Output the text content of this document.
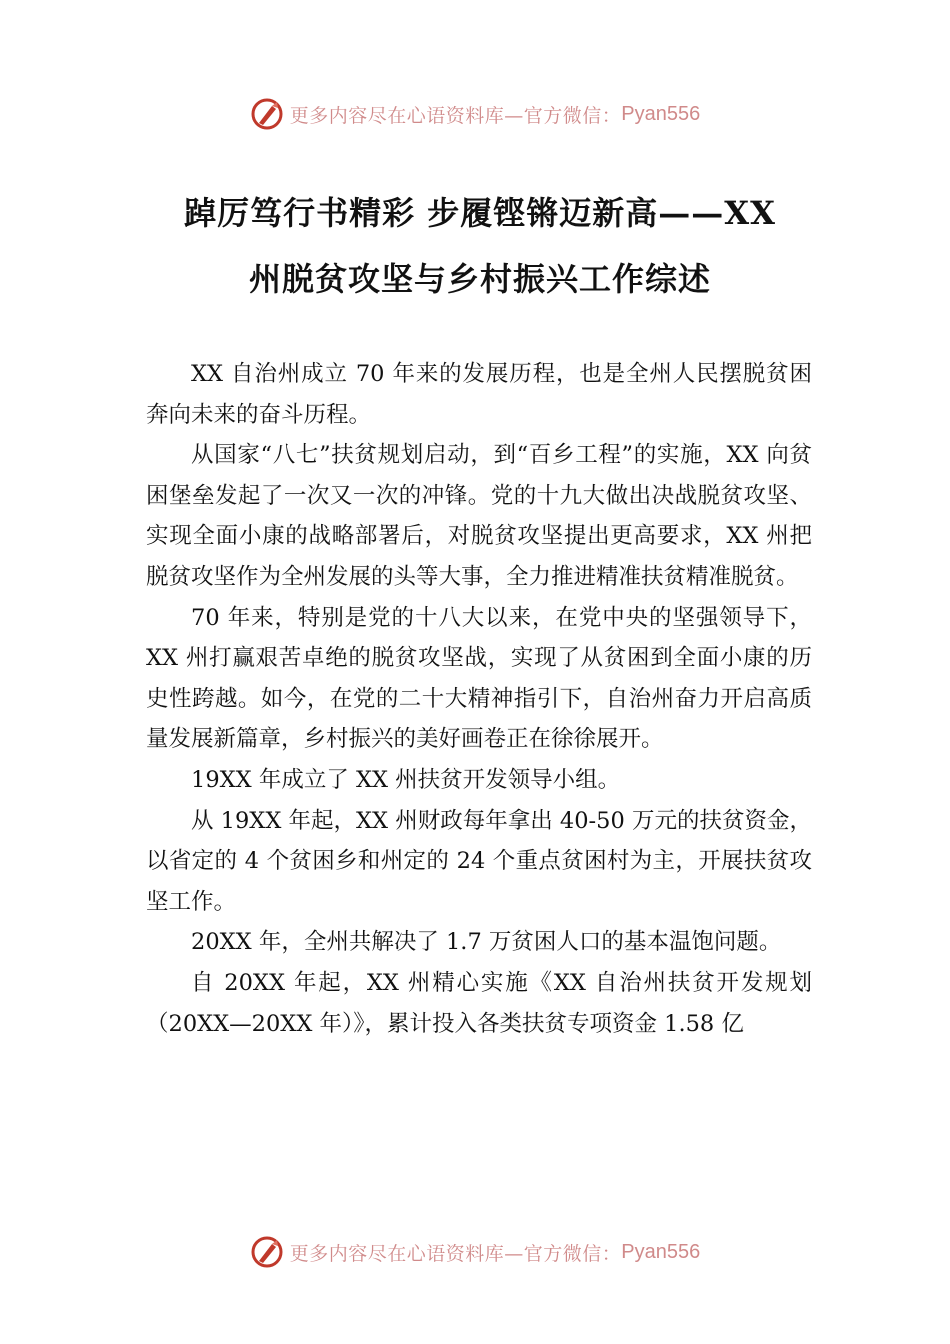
更多内容尽在心语资料库—官方微信： Pyan556
踔厉笃行书精彩 步履铿锵迈新高——XX
州脱贫攻坚与乡村振兴工作综述

XX 自治州成立 70 年来的发展历程，也是全州人民摆脱贫困奔向未来的奋斗历程。

从国家“八七”扶贫规划启动，到“百乡工程”的实施，XX 向贫困堡垒发起了一次又一次的冲锋。党的十九大做出决战脱贫攻坚、实现全面小康的战略部署后，对脱贫攻坚提出更高要求，XX 州把脱贫攻坚作为全州发展的头等大事，全力推进精准扶贫精准脱贫。

70 年来，特别是党的十八大以来，在党中央的坚强领导下，XX 州打赢艰苦卓绝的脱贫攻坚战，实现了从贫困到全面小康的历史性跨越。如今，在党的二十大精神指引下，自治州奋力开启高质量发展新篇章，乡村振兴的美好画卷正在徐徐展开。

19XX 年成立了 XX 州扶贫开发领导小组。

从 19XX 年起，XX 州财政每年拿出 40-50 万元的扶贫资金，以省定的 4 个贫困乡和州定的 24 个重点贫困村为主，开展扶贫攻坚工作。

20XX 年，全州共解决了 1.7 万贫困人口的基本温饱问题。

自 20XX 年起，XX 州精心实施《XX 自治州扶贫开发规划（20XX—20XX 年）》，累计投入各类扶贫专项资金 1.58 亿

更多内容尽在心语资料库—官方微信： Pyan556
